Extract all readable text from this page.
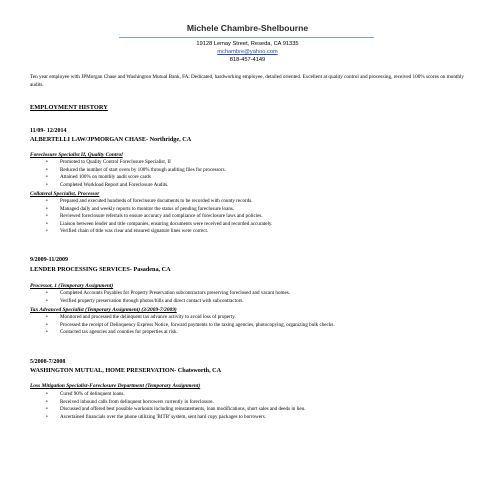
Michele Chambre-Shelbourne
19128 Lemay Street, Reseda, CA 91335
mchambre@yahoo.com
818-457-4149
Ten year employee with JPMorgan Chase and Washington Mutual Bank, FA. Dedicated, hardworking employee, detailed oriented. Excellent at quality control and processing, received 100% scores on monthly audits.
EMPLOYMENT HISTORY
11/09- 12/2014
ALBERTELLI LAW/JPMORGAN CHASE- Northridge, CA
Foreclosure Specialist II, Quality Control
• Promoted to Quality Control Foreclosure Specialist, II
• Reduced the number of start overs by 100% through auditing files for processors.
• Attained 100% on monthly audit score cards
• Completed Workload Report and Foreclosure Audits.
Collateral Specialist, Processor
• Prepared and executed hundreds of foreclosure documents to be recorded with county records.
• Managed daily and weekly reports to monitor the status of pending foreclosure loans.
• Reviewed foreclosure referrals to ensure accuracy and compliance of foreclosure laws and policies.
• Liaison between lender and title companies, ensuring documents were received and recorded accurately.
• Verified chain of title was clear and ensured signature lines were correct.
9/2009-11/2009
LENDER PROCESSING SERVICES- Pasadena, CA
Processor, 1 (Temporary Assignment)
• Completed Accounts Payables for Property Preservation subcontractors preserving foreclosed and vacant homes.
• Verified property preservation through photos/bills and direct contact with subcontractors.
Tax Advanced Specialist (Temporary Assignment) (3/2009-7/2009)
• Monitored and processed the delinquent tax advance activity to avoid loss of property.
• Processed the receipt of Delinquency Express Notice, forward payments to the taxing agencies, photocopying, organizing bulk checks.
• Contacted tax agencies and counties for properties at risk.
5/2008-7/2008
WASHINGTON MUTUAL, HOME PRESERVATION- Chatsworth, CA
Loss Mitigation Specialist-Foreclosure Department (Temporary Assignment)
• Cured 90% of delinquent loans.
• Received inbound calls from delinquent borrowers currently in foreclosure.
• Discussed and offered best possible workouts including reinstatements, loan modifications, short sales and deeds in lieu.
• Ascertained financials over the phone utilizing 'BITB' system, sent hard copy packages to borrowers.
